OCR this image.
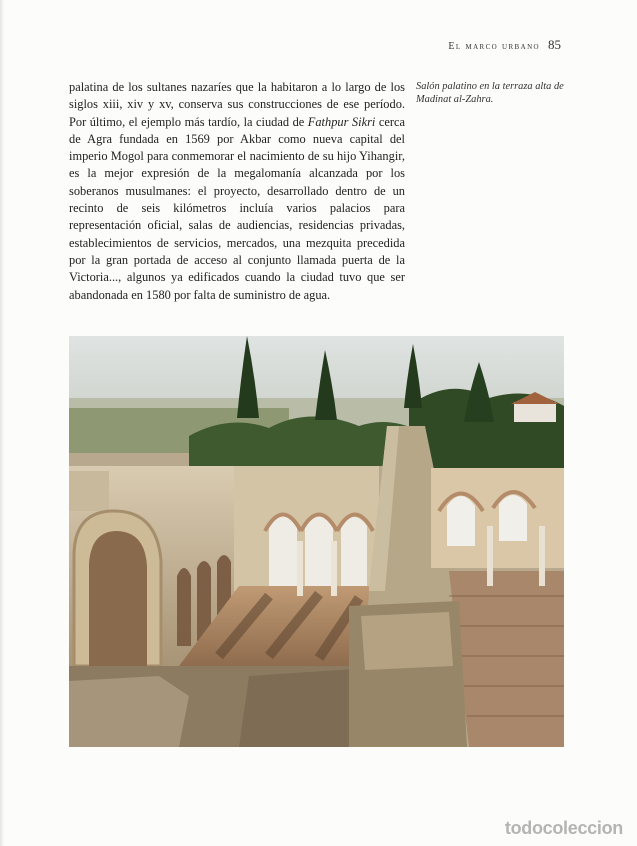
El marco urbano 85

palatina de los sultanes nazaríes que la habitaron a lo largo de los siglos xiii, xiv y xv, conserva sus construcciones de ese período. Por último, el ejemplo más tardío, la ciudad de Fathpur Sikri cerca de Agra fundada en 1569 por Akbar como nueva capital del imperio Mogol para conmemorar el nacimiento de su hijo Yihangir, es la mejor expresión de la megalomanía alcanzada por los soberanos musulmanes: el proyecto, desarrollado dentro de un recinto de seis kilómetros incluía varios palacios para representación oficial, salas de audiencias, residencias privadas, establecimientos de servicios, mercados, una mezquita precedida por la gran portada de acceso al conjunto llamada puerta de la Victoria..., algunos ya edificados cuando la ciudad tuvo que ser abandonada en 1580 por falta de suministro de agua.

Salón palatino en la terraza alta de Madinat al-Zahra.
todocoleccion
